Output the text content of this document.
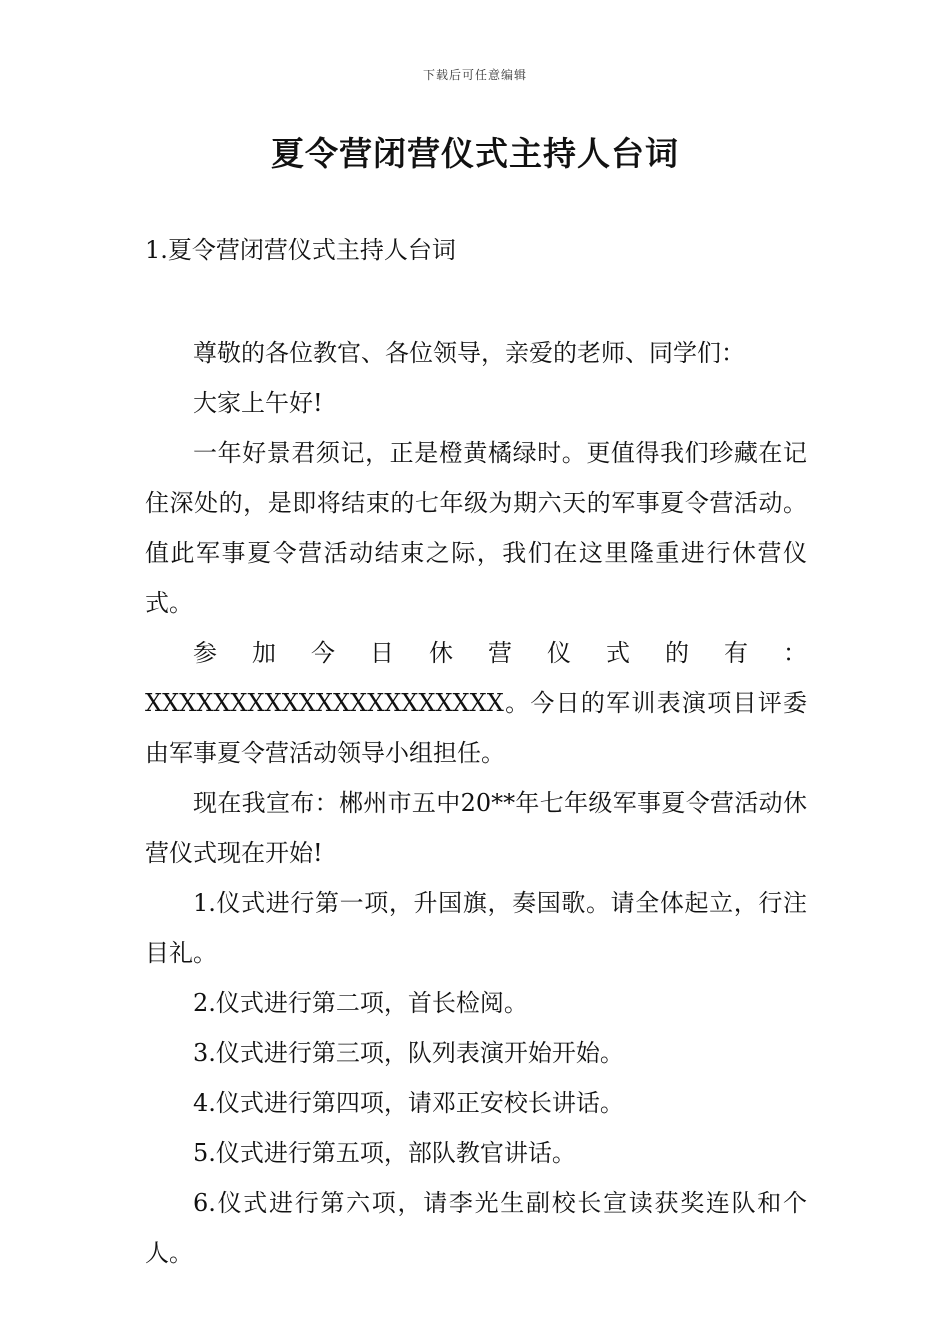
下载后可任意编辑
夏令营闭营仪式主持人台词
1.夏令营闭营仪式主持人台词

尊敬的各位教官、各位领导，亲爱的老师、同学们：

大家上午好!

一年好景君须记，正是橙黄橘绿时。更值得我们珍藏在记住深处的，是即将结束的七年级为期六天的军事夏令营活动。值此军事夏令营活动结束之际，我们在这里隆重进行休营仪式。

参加今日休营仪式的有：XXXXXXXXXXXXXXXXXXXXX。今日的军训表演项目评委由军事夏令营活动领导小组担任。

现在我宣布：郴州市五中20**年七年级军事夏令营活动休营仪式现在开始!

1.仪式进行第一项，升国旗，奏国歌。请全体起立，行注目礼。

2.仪式进行第二项，首长检阅。

3.仪式进行第三项，队列表演开始开始。

4.仪式进行第四项，请邓正安校长讲话。

5.仪式进行第五项，部队教官讲话。

6.仪式进行第六项，请李光生副校长宣读获奖连队和个人。
